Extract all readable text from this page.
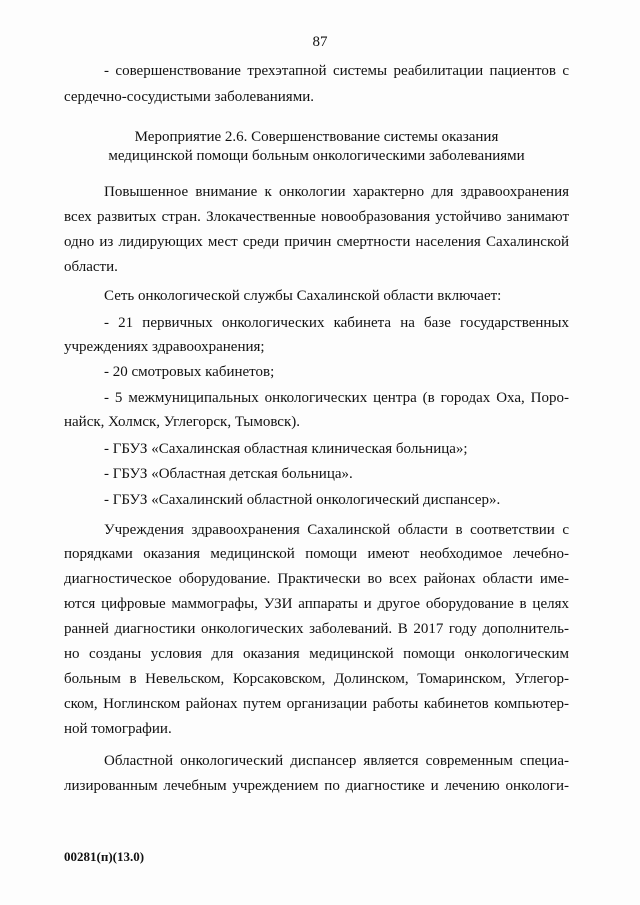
87
- совершенствование трехэтапной системы реабилитации пациентов с
сердечно-сосудистыми заболеваниями.
Мероприятие 2.6. Совершенствование системы оказания
медицинской помощи больным онкологическими заболеваниями
Повышенное внимание к онкологии характерно для здравоохранения
всех развитых стран. Злокачественные новообразования устойчиво занимают
одно из лидирующих мест среди причин смертности населения Сахалинской
области.
Сеть онкологической службы Сахалинской области включает:
- 21 первичных онкологических кабинета на базе государственных
учреждениях здравоохранения;
- 20 смотровых кабинетов;
- 5 межмуниципальных онкологических центра (в городах Оха, Поро-
найск, Холмск, Углегорск, Тымовск).
- ГБУЗ «Сахалинская областная клиническая больница»;
- ГБУЗ «Областная детская больница».
- ГБУЗ «Сахалинский областной онкологический диспансер».
Учреждения здравоохранения Сахалинской области в соответствии с
порядками оказания медицинской помощи имеют необходимое лечебно-
диагностическое оборудование. Практически во всех районах области име-
ются цифровые маммографы, УЗИ аппараты и другое оборудование в целях
ранней диагностики онкологических заболеваний. В 2017 году дополнитель-
но созданы условия для оказания медицинской помощи онкологическим
больным в Невельском, Корсаковском, Долинском, Томаринском, Углегор-
ском, Ноглинском районах путем организации работы кабинетов компьютер-
ной томографии.
Областной онкологический диспансер является современным специа-
лизированным лечебным учреждением по диагностике и лечению онкологи-
00281(п)(13.0)
